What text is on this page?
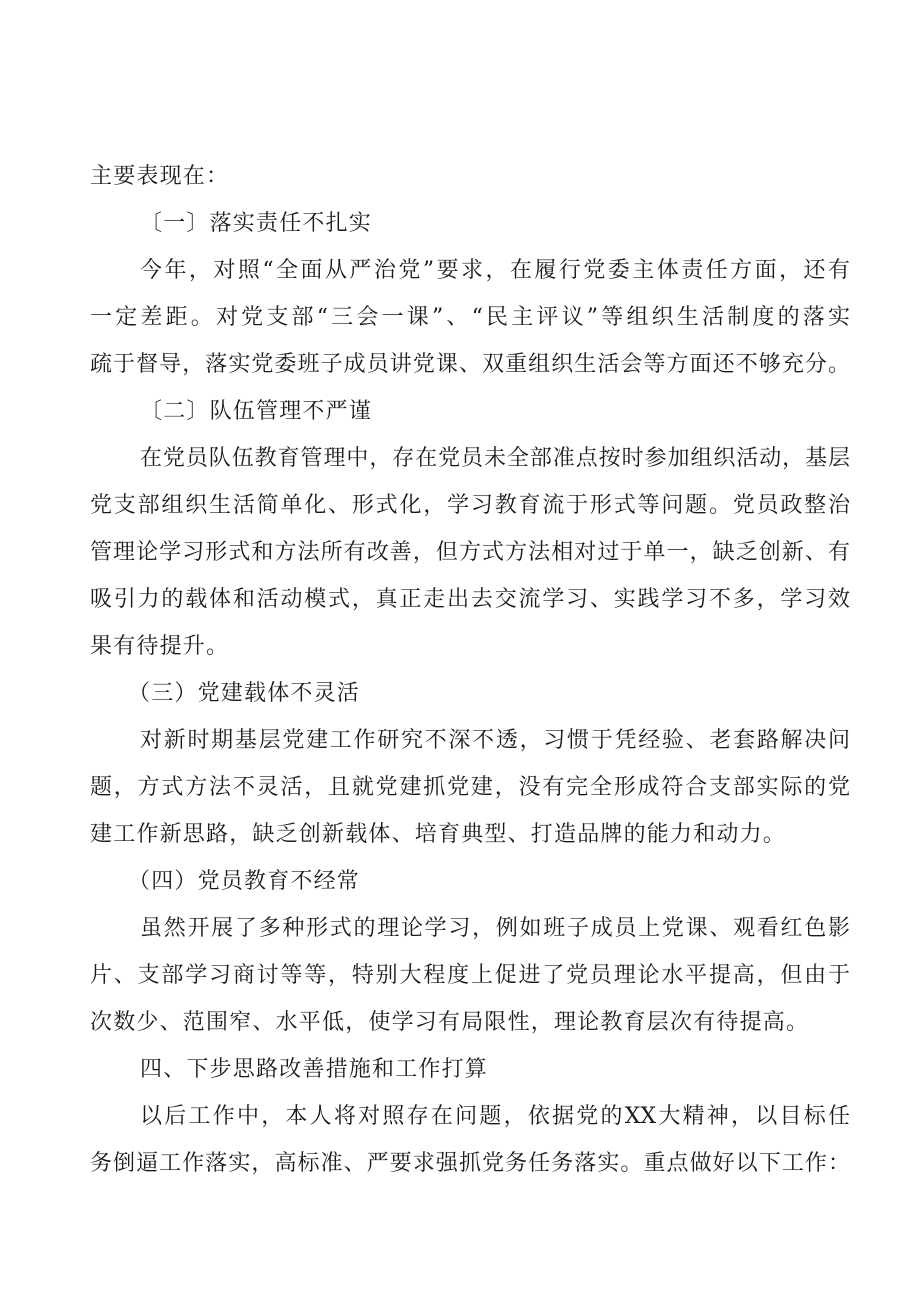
主要表现在：
〔一〕落实责任不扎实
今年，对照“全面从严治党”要求，在履行党委主体责任方面，还有
一定差距。对党支部“三会一课”、“民主评议”等组织生活制度的落实
疏于督导，落实党委班子成员讲党课、双重组织生活会等方面还不够充分。
〔二〕队伍管理不严谨
在党员队伍教育管理中，存在党员未全部准点按时参加组织活动，基层
党支部组织生活简单化、形式化，学习教育流于形式等问题。党员政整治
管理论学习形式和方法所有改善，但方式方法相对过于单一，缺乏创新、有
吸引力的载体和活动模式，真正走出去交流学习、实践学习不多，学习效
果有待提升。
（三）党建载体不灵活
对新时期基层党建工作研究不深不透，习惯于凭经验、老套路解决问
题，方式方法不灵活，且就党建抓党建，没有完全形成符合支部实际的党
建工作新思路，缺乏创新载体、培育典型、打造品牌的能力和动力。
（四）党员教育不经常
虽然开展了多种形式的理论学习，例如班子成员上党课、观看红色影
片、支部学习商讨等等，特别大程度上促进了党员理论水平提高，但由于
次数少、范围窄、水平低，使学习有局限性，理论教育层次有待提高。
四、下步思路改善措施和工作打算
以后工作中，本人将对照存在问题，依据党的XX大精神，以目标任
务倒逼工作落实，高标准、严要求强抓党务任务落实。重点做好以下工作：
